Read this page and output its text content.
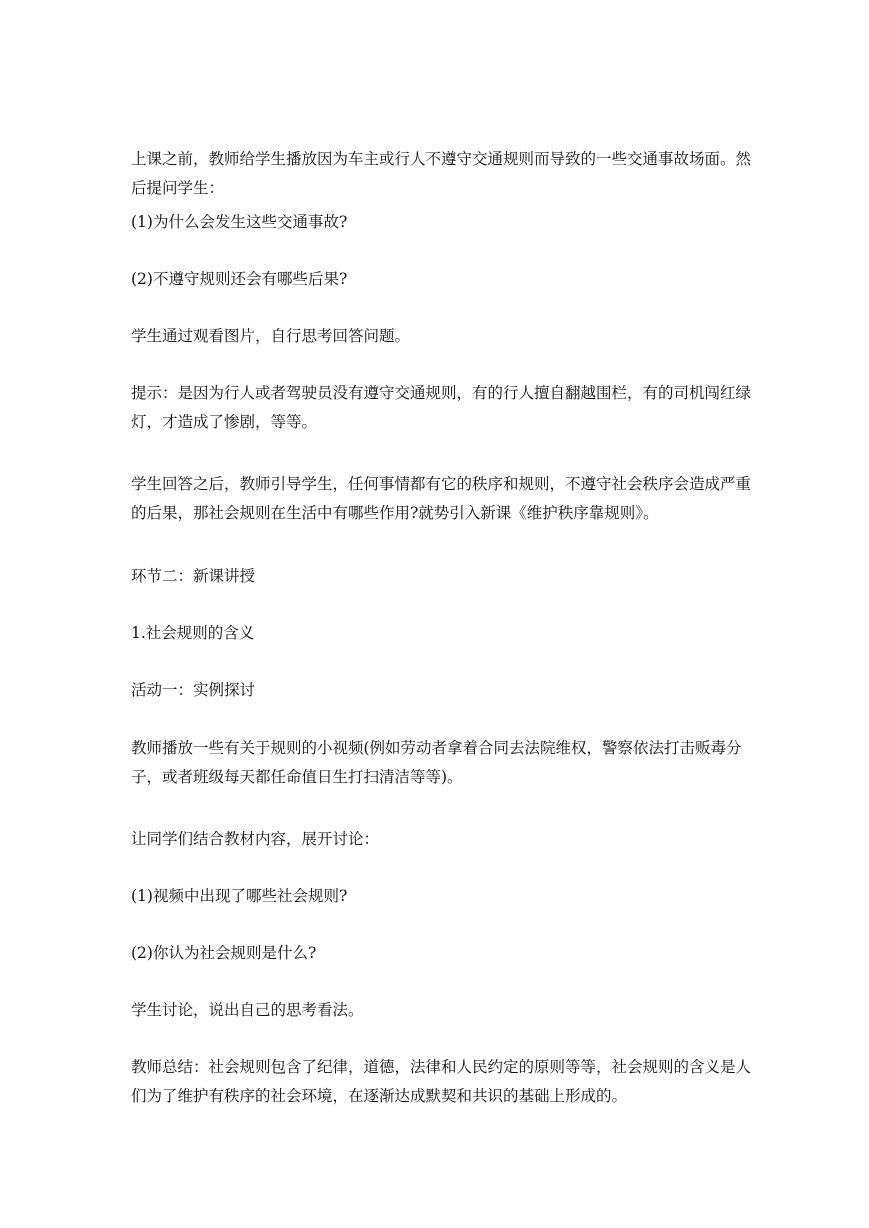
上课之前，教师给学生播放因为车主或行人不遵守交通规则而导致的一些交通事故场面。然后提问学生：

(1)为什么会发生这些交通事故?

(2)不遵守规则还会有哪些后果?

学生通过观看图片，自行思考回答问题。

提示：是因为行人或者驾驶员没有遵守交通规则，有的行人擅自翻越围栏，有的司机闯红绿灯，才造成了惨剧，等等。

学生回答之后，教师引导学生，任何事情都有它的秩序和规则，不遵守社会秩序会造成严重的后果，那社会规则在生活中有哪些作用?就势引入新课《维护秩序靠规则》。

环节二：新课讲授

1.社会规则的含义

活动一：实例探讨

教师播放一些有关于规则的小视频(例如劳动者拿着合同去法院维权，警察依法打击贩毒分子，或者班级每天都任命值日生打扫清洁等等)。

让同学们结合教材内容，展开讨论：

(1)视频中出现了哪些社会规则?

(2)你认为社会规则是什么?

学生讨论，说出自己的思考看法。

教师总结：社会规则包含了纪律，道德，法律和人民约定的原则等等，社会规则的含义是人们为了维护有秩序的社会环境，在逐渐达成默契和共识的基础上形成的。
